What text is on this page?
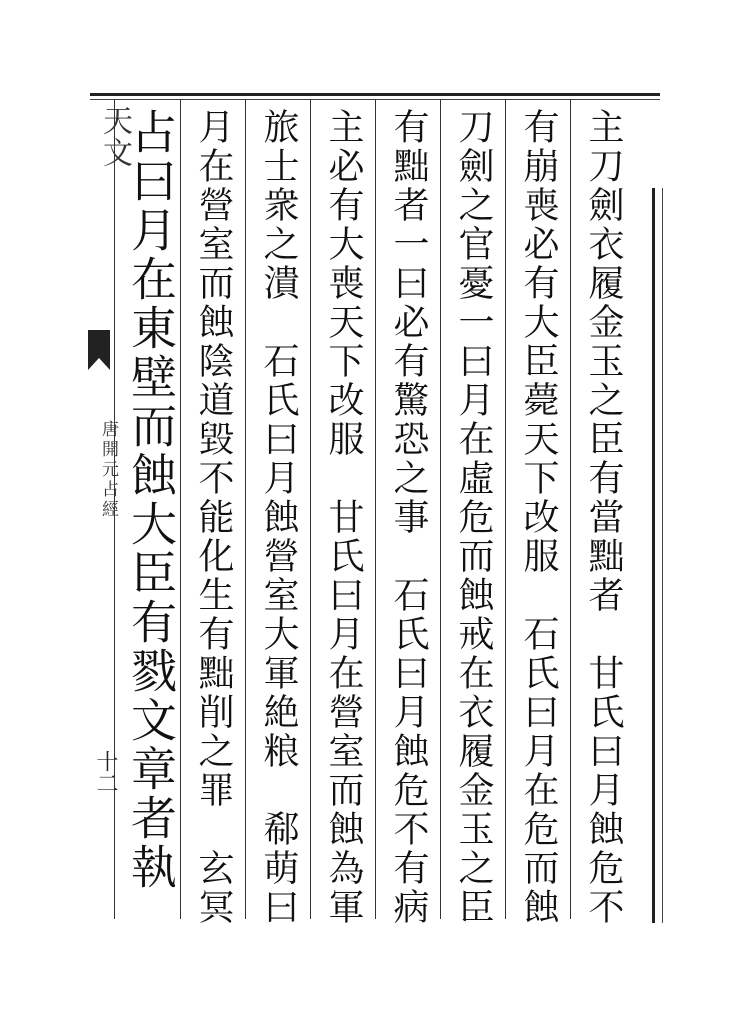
天文
唐開元占經
十二	主刀劍衣履金玉之臣有當黜者　甘氏曰月蝕危不
有崩喪必有大臣薨天下改服　石氏曰月在危而蝕
刀劍之官憂一曰月在虛危而蝕戒在衣履金玉之臣
有黜者一曰必有驚恐之事　石氏曰月蝕危不有病
主必有大喪天下改服　甘氏曰月在營室而蝕為軍
旅士衆之潰　石氏曰月蝕營室大軍絶粮　郗萌曰
月在營室而蝕陰道毀不能化生有黜削之罪　玄冥
占曰月在東壁而蝕大臣有戮文章者執
